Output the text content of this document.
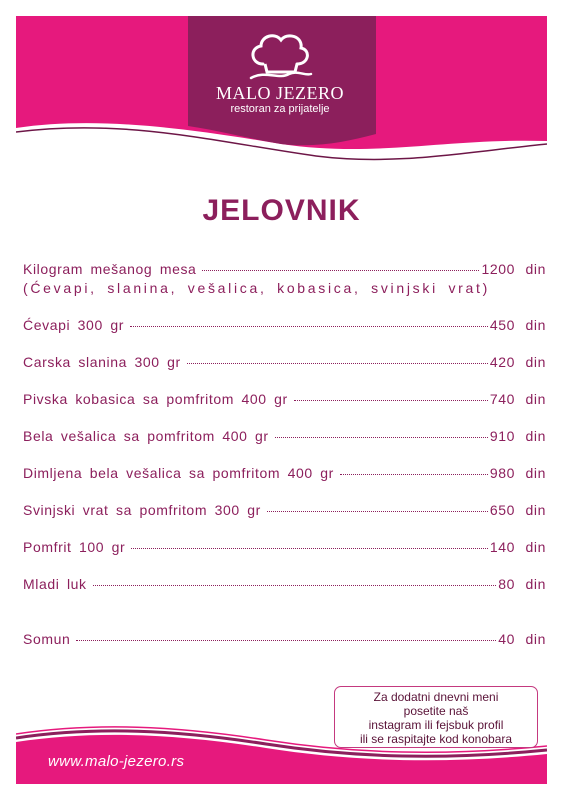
MALO JEZERO
restoran za prijatelje
JELOVNIK
Kilogram mešanog mesa	1200 din
(Ćevapi, slanina, vešalica, kobasica, svinjski vrat)
Ćevapi 300 gr	450 din
Carska slanina 300 gr	420 din
Pivska kobasica sa pomfritom 400 gr	740 din
Bela vešalica sa pomfritom 400 gr	910 din
Dimljena bela vešalica sa pomfritom 400 gr	980 din
Svinjski vrat sa pomfritom 300 gr	650 din
Pomfrit 100 gr	140 din
Mladi luk	80 din
Somun	40 din
Za dodatni dnevni meni
posetite naš
instagram ili fejsbuk profil
ili se raspitajte kod konobara
www.malo-jezero.rs
